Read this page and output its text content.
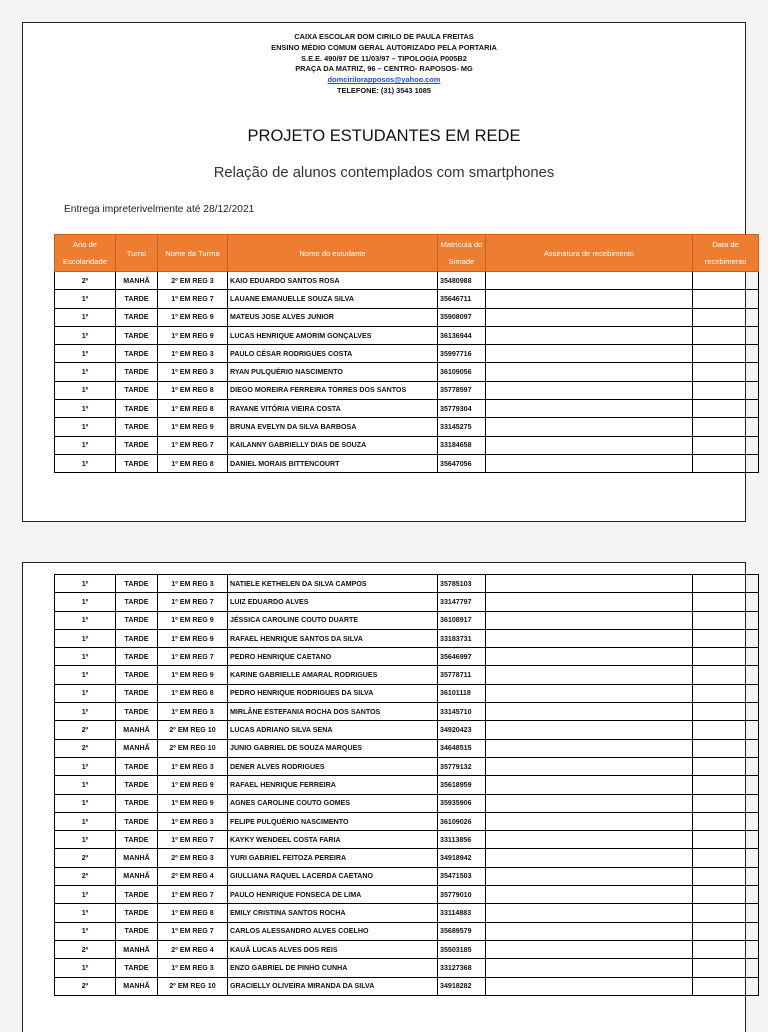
CAIXA ESCOLAR DOM CIRILO DE PAULA FREITAS
ENSINO MÉDIO COMUM GERAL AUTORIZADO PELA PORTARIA
S.E.E. 490/97 DE 11/03/97 – TIPOLOGIA P005B2
PRAÇA DA MATRIZ, 96 – CENTRO- RAPOSOS- MG
domcirilorapposos@yahoo.com
TELEFONE: (31) 3543 1085
PROJETO ESTUDANTES EM REDE
Relação de alunos contemplados com smartphones
Entrega impreterivelmente até 28/12/2021
Ano de Escolaridade	Turno	Nome da Turma	Nome do estudante	Matrícula do Simade	Assinatura de recebimento	Data de recebimento
2º	MANHÃ	2º EM REG 3	KAIO EDUARDO SANTOS ROSA	35480988		
1º	TARDE	1º EM REG 7	LAUANE EMANUELLE SOUZA SILVA	35646711		
1º	TARDE	1º EM REG 9	MATEUS JOSE ALVES JUNIOR	35908097		
1º	TARDE	1º EM REG 9	LUCAS HENRIQUE AMORIM GONÇALVES	36136944		
1º	TARDE	1º EM REG 3	PAULO CÉSAR RODRIGUES COSTA	35997716		
1º	TARDE	1º EM REG 3	RYAN PULQUÉRIO NASCIMENTO	36109056		
1º	TARDE	1º EM REG 8	DIEGO MOREIRA FERREIRA TORRES DOS SANTOS	35778597		
1º	TARDE	1º EM REG 8	RAYANE VITÓRIA VIEIRA COSTA	35779304		
1º	TARDE	1º EM REG 9	BRUNA EVELYN DA SILVA BARBOSA	33145275		
1º	TARDE	1º EM REG 7	KAILANNY GABRIELLY DIAS DE SOUZA	33184658		
1º	TARDE	1º EM REG 8	DANIEL MORAIS BITTENCOURT	35647056		
1º	TARDE	1º EM REG 3	NATIELE KETHELEN DA SILVA CAMPOS	35785103		
1º	TARDE	1º EM REG 7	LUIZ EDUARDO ALVES	33147797		
1º	TARDE	1º EM REG 9	JÉSSICA CAROLINE COUTO DUARTE	36108917		
1º	TARDE	1º EM REG 9	RAFAEL HENRIQUE SANTOS DA SILVA	33183731		
1º	TARDE	1º EM REG 7	PEDRO HENRIQUE CAETANO	35646997		
1º	TARDE	1º EM REG 9	KARINE GABRIELLE AMARAL RODRIGUES	35778711		
1º	TARDE	1º EM REG 8	PEDRO HENRIQUE RODRIGUES DA SILVA	36101118		
1º	TARDE	1º EM REG 3	MIRLÂNE ESTEFANIA ROCHA DOS SANTOS	33145710		
2º	MANHÃ	2º EM REG 10	LUCAS ADRIANO SILVA SENA	34920423		
2º	MANHÃ	2º EM REG 10	JUNIO GABRIEL DE SOUZA MARQUES	34648515		
1º	TARDE	1º EM REG 3	DENER ALVES RODRIGUES	35779132		
1º	TARDE	1º EM REG 9	RAFAEL HENRIQUE FERREIRA	35618959		
1º	TARDE	1º EM REG 9	AGNES CAROLINE COUTO GOMES	35935906		
1º	TARDE	1º EM REG 3	FELIPE PULQUÉRIO NASCIMENTO	36109026		
1º	TARDE	1º EM REG 7	KAYKY WENDEEL COSTA FARIA	33113856		
2º	MANHÃ	2º EM REG 3	YURI GABRIEL FEITOZA PEREIRA	34918942		
2º	MANHÃ	2º EM REG 4	GIULLIANA RAQUEL LACERDA CAETANO	35471503		
1º	TARDE	1º EM REG 7	PAULO HENRIQUE FONSECA DE LIMA	35779010		
1º	TARDE	1º EM REG 8	EMILY CRISTINA SANTOS ROCHA	33114883		
1º	TARDE	1º EM REG 7	CARLOS ALESSANDRO ALVES COELHO	35689579		
2º	MANHÃ	2º EM REG 4	KAUÃ LUCAS ALVES DOS REIS	35503185		
1º	TARDE	1º EM REG 3	ENZO GABRIEL DE PINHO CUNHA	33127368		
2º	MANHÃ	2º EM REG 10	GRACIELLY OLIVEIRA MIRANDA DA SILVA	34918282		
